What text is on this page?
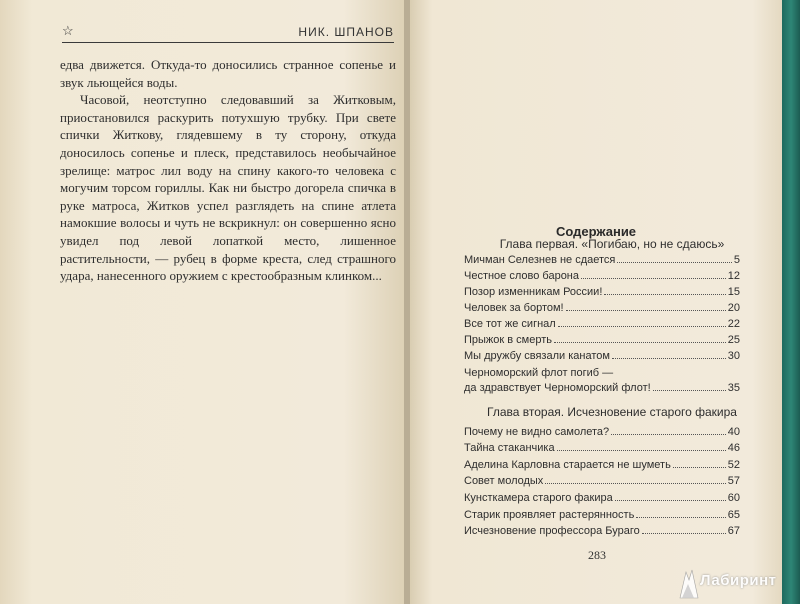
☆	НИК. ШПАНОВ

едва движется. Откуда-то доносились странное сопенье и звук льющейся воды.

Часовой, неотступно следовавший за Житковым, приостановился раскурить потухшую трубку. При свете спички Житкову, глядевшему в ту сторону, откуда доносилось сопенье и плеск, представилось необычайное зрелище: матрос лил воду на спину какого-то человека с могучим торсом гориллы. Как ни быстро догорела спичка в руке матроса, Житков успел разглядеть на спине атлета намокшие волосы и чуть не вскрикнул: он совершенно ясно увидел под левой лопаткой место, лишенное растительности, — рубец в форме креста, след страшного удара, нанесенного оружием с крестообразным клинком...

Содержание
Глава первая. «Погибаю, но не сдаюсь»
Мичман Селезнев не сдается	5
Честное слово барона	12
Позор изменникам России!	15
Человек за бортом!	20
Все тот же сигнал	22
Прыжок в смерть	25
Мы дружбу связали канатом	30
Черноморский флот погиб —
да здравствует Черноморский флот!	35
Глава вторая. Исчезновение старого факира
Почему не видно самолета?	40
Тайна стаканчика	46
Аделина Карловна старается не шуметь	52
Совет молодых	57
Кунсткамера старого факира	60
Старик проявляет растерянность	65
Исчезновение профессора Бураго	67
283
Лабиринт
